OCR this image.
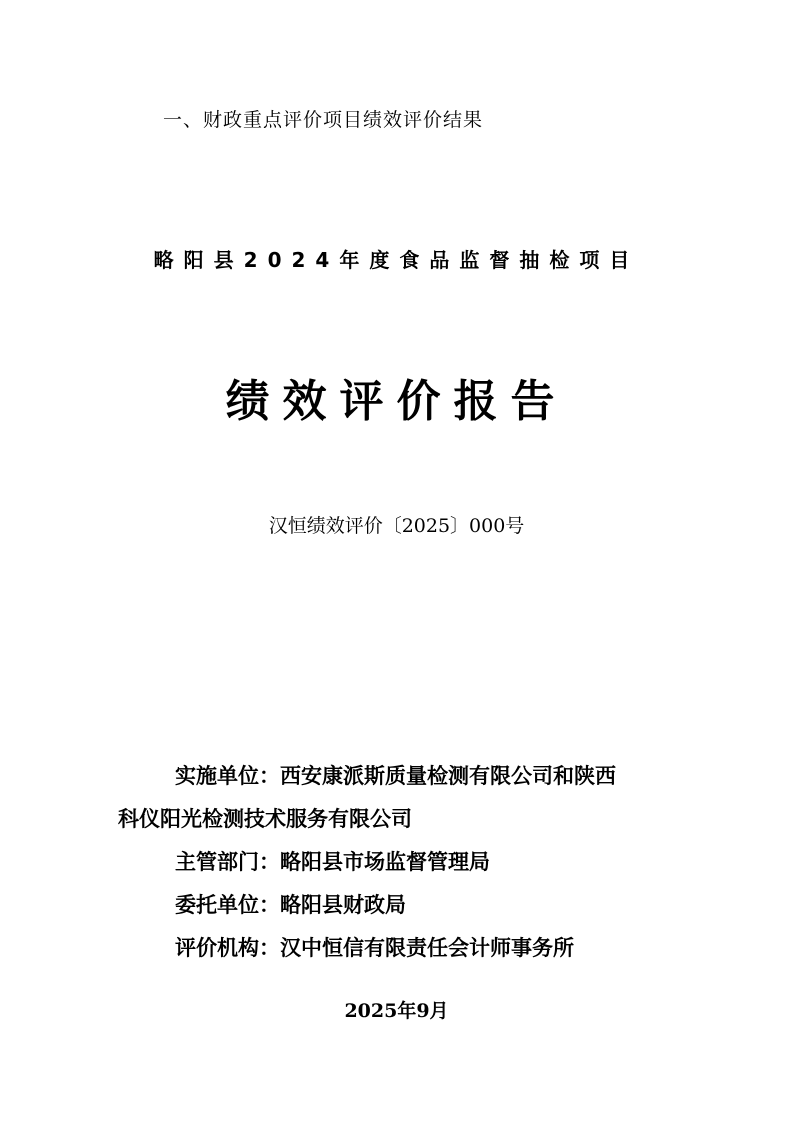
一、财政重点评价项目绩效评价结果
略阳县2024年度食品监督抽检项目
绩效评价报告
汉恒绩效评价〔2025〕000号
实施单位：西安康派斯质量检测有限公司和陕西
科仪阳光检测技术服务有限公司
主管部门：略阳县市场监督管理局
委托单位：略阳县财政局
评价机构：汉中恒信有限责任会计师事务所
2025年9月
